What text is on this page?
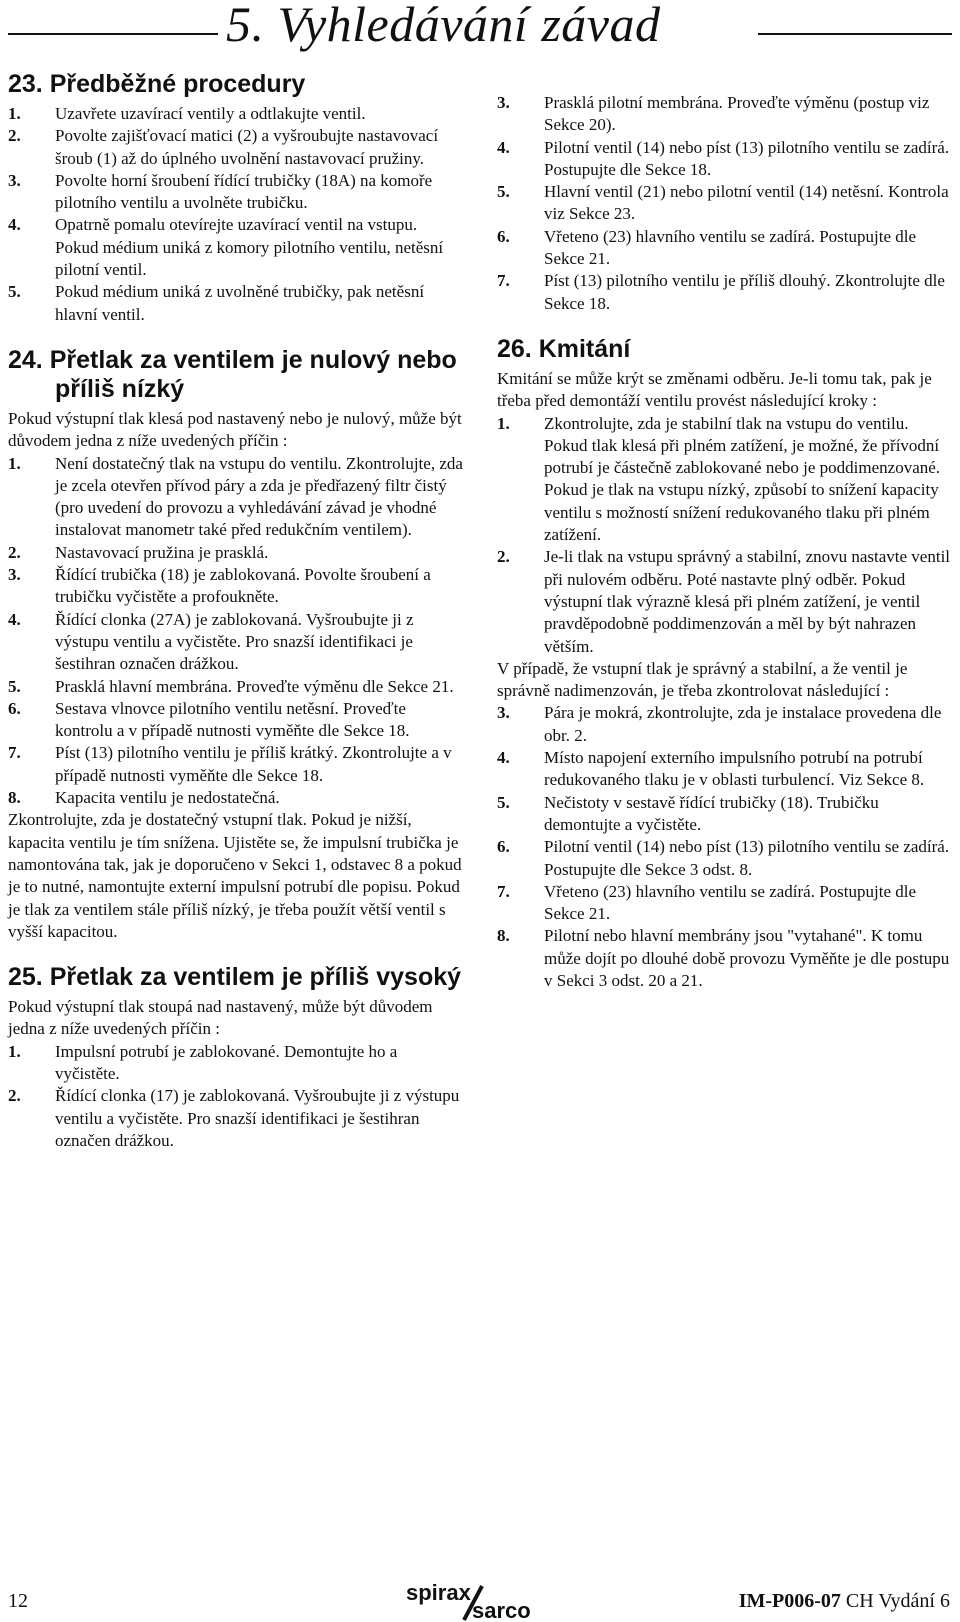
5. Vyhledávání závad
23. Předběžné procedury
1. Uzavřete uzavírací ventily a odtlakujte ventil.
2. Povolte zajišťovací matici (2) a vyšroubujte nastavovací šroub (1) až do úplného uvolnění nastavovací pružiny.
3. Povolte horní šroubení řídící trubičky (18A) na komoře pilotního ventilu a uvolněte trubičku.
4. Opatrně pomalu otevírejte uzavírací ventil na vstupu. Pokud médium uniká z komory pilotního ventilu, netěsní pilotní ventil.
5. Pokud médium uniká z uvolněné trubičky, pak netěsní hlavní ventil.
24. Přetlak za ventilem je nulový nebo příliš nízký

Pokud výstupní tlak klesá pod nastavený nebo je nulový, může být důvodem jedna z níže uvedených příčin :

1. Není dostatečný tlak na vstupu do ventilu. Zkontrolujte, zda je zcela otevřen přívod páry a zda je předřazený filtr čistý (pro uvedení do provozu a vyhledávání závad je vhodné instalovat manometr také před redukčním ventilem).
2. Nastavovací pružina je prasklá.
3. Řídící trubička (18) je zablokovaná. Povolte šroubení a trubičku vyčistěte a profoukněte.
4. Řídící clonka (27A) je zablokovaná. Vyšroubujte ji z výstupu ventilu a vyčistěte. Pro snazší identifikaci je šestihran označen drážkou.
5. Prasklá hlavní membrána. Proveďte výměnu dle Sekce 21.
6. Sestava vlnovce pilotního ventilu netěsní. Proveďte kontrolu a v případě nutnosti vyměňte dle Sekce 18.
7. Píst (13) pilotního ventilu je příliš krátký. Zkontrolujte a v případě nutnosti vyměňte dle Sekce 18.
8. Kapacita ventilu je nedostatečná.

Zkontrolujte, zda je dostatečný vstupní tlak. Pokud je nižší, kapacita ventilu je tím snížena. Ujistěte se, že impulsní trubička je namontována tak, jak je doporučeno v Sekci 1, odstavec 8 a pokud je to nutné, namontujte externí impulsní potrubí dle popisu. Pokud je tlak za ventilem stále příliš nízký, je třeba použít větší ventil s vyšší kapacitou.

25. Přetlak za ventilem je příliš vysoký

Pokud výstupní tlak stoupá nad nastavený, může být důvodem jedna z níže uvedených příčin :

1. Impulsní potrubí je zablokované. Demontujte ho a vyčistěte.
2. Řídící clonka (17) je zablokovaná. Vyšroubujte ji z výstupu ventilu a vyčistěte. Pro snazší identifikaci je šestihran označen drážkou.
3. Prasklá pilotní membrána. Proveďte výměnu (postup viz Sekce 20).
4. Pilotní ventil (14) nebo píst (13) pilotního ventilu se zadírá. Postupujte dle Sekce 18.
5. Hlavní ventil (21) nebo pilotní ventil (14) netěsní. Kontrola viz Sekce 23.
6. Vřeteno (23) hlavního ventilu se zadírá. Postupujte dle Sekce 21.
7. Píst (13) pilotního ventilu je příliš dlouhý. Zkontrolujte dle Sekce 18.
26. Kmitání

Kmitání se může krýt se změnami odběru. Je-li tomu tak, pak je třeba před demontáží ventilu provést následující kroky :

1. Zkontrolujte, zda je stabilní tlak na vstupu do ventilu. Pokud tlak klesá při plném zatížení, je možné, že přívodní potrubí je částečně zablokované nebo je poddimenzované. Pokud je tlak na vstupu nízký, způsobí to snížení kapacity ventilu s možností snížení redukovaného tlaku při plném zatížení.
2. Je-li tlak na vstupu správný a stabilní, znovu nastavte ventil při nulovém odběru. Poté nastavte plný odběr. Pokud výstupní tlak výrazně klesá při plném zatížení, je ventil pravděpodobně poddimenzován a měl by být nahrazen větším.

V případě, že vstupní tlak je správný a stabilní, a že ventil je správně nadimenzován, je třeba zkontrolovat následující :

3. Pára je mokrá, zkontrolujte, zda je instalace provedena dle obr. 2.
4. Místo napojení externího impulsního potrubí na potrubí redukovaného tlaku je v oblasti turbulencí. Viz Sekce 8.
5. Nečistoty v sestavě řídící trubičky (18). Trubičku demontujte a vyčistěte.
6. Pilotní ventil (14) nebo píst (13) pilotního ventilu se zadírá. Postupujte dle Sekce 3 odst. 8.
7. Vřeteno (23) hlavního ventilu se zadírá. Postupujte dle Sekce 21.
8. Pilotní nebo hlavní membrány jsou "vytahané". K tomu může dojít po dlouhé době provozu Vyměňte je dle postupu v Sekci 3 odst. 20 a 21.
12	spirax
sarco	IM-P006-07 CH Vydání 6
